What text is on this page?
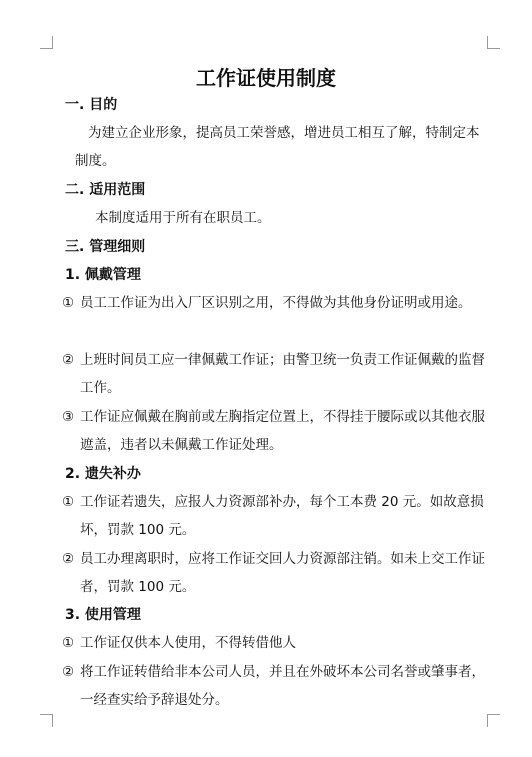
工作证使用制度
一. 目的
为建立企业形象，提高员工荣誉感，增进员工相互了解，特制定本制度。
二. 适用范围
本制度适用于所有在职员工。
三. 管理细则
1. 佩戴管理
① 员工工作证为出入厂区识别之用，不得做为其他身份证明或用途。
② 上班时间员工应一律佩戴工作证；由警卫统一负责工作证佩戴的监督工作。
③ 工作证应佩戴在胸前或左胸指定位置上，不得挂于腰际或以其他衣服遮盖，违者以未佩戴工作证处理。
2. 遗失补办
① 工作证若遗失，应报人力资源部补办，每个工本费 20 元。如故意损坏，罚款 100 元。
② 员工办理离职时，应将工作证交回人力资源部注销。如未上交工作证者，罚款 100 元。
3. 使用管理
① 工作证仅供本人使用，不得转借他人
② 将工作证转借给非本公司人员，并且在外破坏本公司名誉或肇事者，一经查实给予辞退处分。
